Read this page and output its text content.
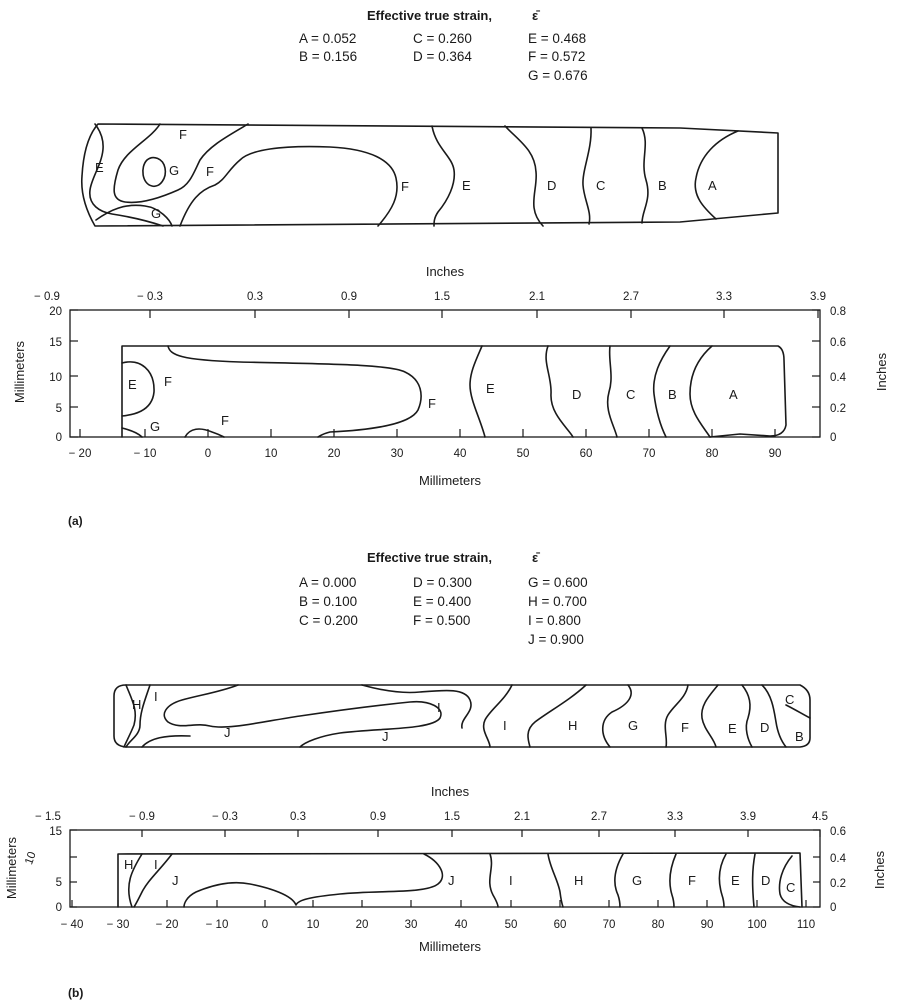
Effective true strain,	ε̄
A = 0.052
B = 0.156
C = 0.260
D = 0.364
E = 0.468
F = 0.572
G = 0.676
E
F
G F
G
F	E	D	C	B	A
Inches
− 0.9	− 0.3	0.3	0.9	1.5	2.1	2.7	3.3	3.9
− 20	− 10	0	10	20	30	40	50	60	70	80	90
Millimeters
20
15
10
5
0
Millimeters
0.8
0.6
0.4
0.2
0
Inches
E F
G	F
F
E	D	C	B	A
(a)
Effective true strain,	ε̄
A = 0.000
B = 0.100
C = 0.200
D = 0.300
E = 0.400
F = 0.500
G = 0.600
H = 0.700
I = 0.800
J = 0.900
H
I
J	J
I
I	H	G	F	E D
C
B
Inches
− 1.5	− 0.9	− 0.3	0.3	0.9	1.5	2.1	2.7	3.3	3.9	4.5
− 40 − 30 − 20 − 10	0	10	20	30	40	50	60	70	80	90	100	110
Millimeters
15
10
5
0
Millimeters
0.6
0.4
0.2
0
Inches
H I
J	J	I	H	G	F	E D C
(b)
